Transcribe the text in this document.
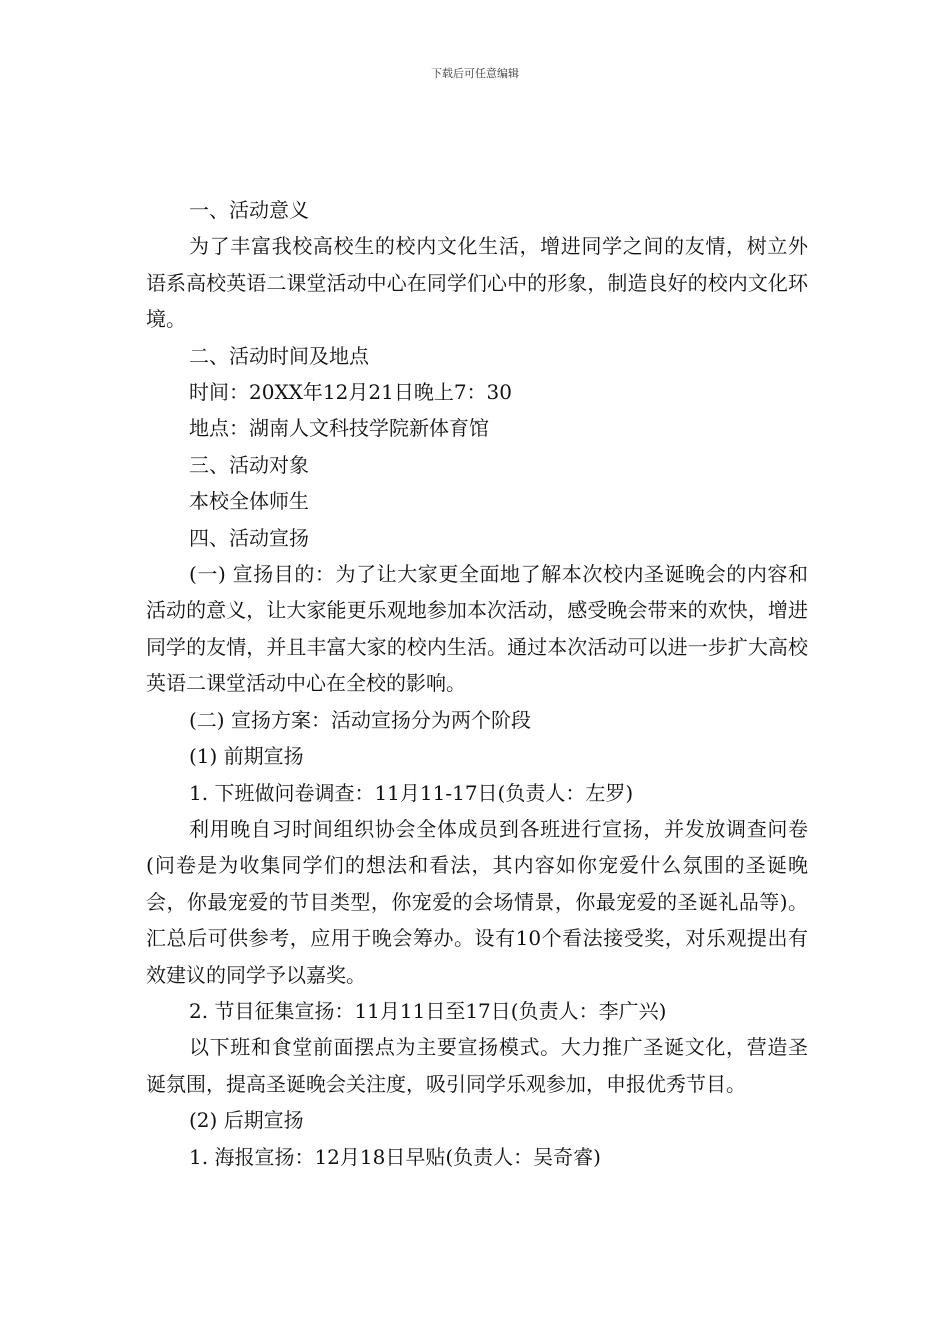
下载后可任意编辑

一、活动意义

为了丰富我校高校生的校内文化生活，增进同学之间的友情，树立外语系高校英语二课堂活动中心在同学们心中的形象，制造良好的校内文化环境。

二、活动时间及地点

时间：20XX年12月21日晚上7：30

地点：湖南人文科技学院新体育馆

三、活动对象

本校全体师生

四、活动宣扬

(一) 宣扬目的：为了让大家更全面地了解本次校内圣诞晚会的内容和活动的意义，让大家能更乐观地参加本次活动，感受晚会带来的欢快，增进同学的友情，并且丰富大家的校内生活。通过本次活动可以进一步扩大高校英语二课堂活动中心在全校的影响。

(二) 宣扬方案：活动宣扬分为两个阶段

(1) 前期宣扬

1. 下班做问卷调查：11月11-17日(负责人：左罗)

利用晚自习时间组织协会全体成员到各班进行宣扬，并发放调查问卷(问卷是为收集同学们的想法和看法，其内容如你宠爱什么氛围的圣诞晚会，你最宠爱的节目类型，你宠爱的会场情景，你最宠爱的圣诞礼品等)。汇总后可供参考，应用于晚会筹办。设有10个看法接受奖，对乐观提出有效建议的同学予以嘉奖。

2. 节目征集宣扬：11月11日至17日(负责人：李广兴)

以下班和食堂前面摆点为主要宣扬模式。大力推广圣诞文化，营造圣诞氛围，提高圣诞晚会关注度，吸引同学乐观参加，申报优秀节目。

(2) 后期宣扬

1. 海报宣扬：12月18日早贴(负责人：吴奇睿)
